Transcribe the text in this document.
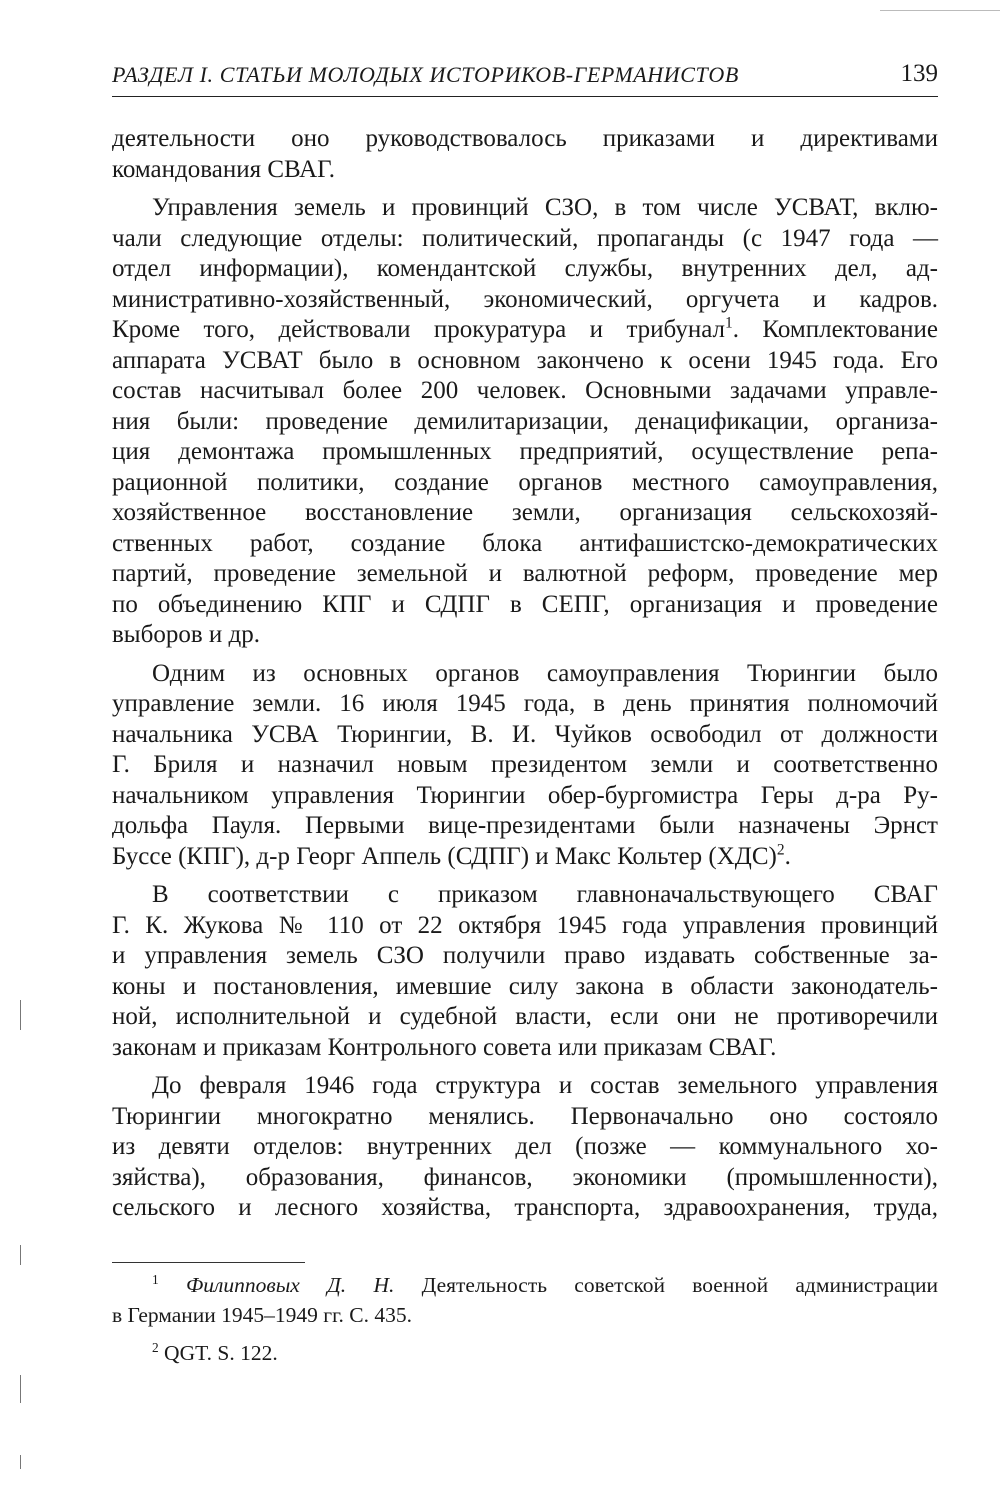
РАЗДЕЛ I. СТАТЬИ МОЛОДЫХ ИСТОРИКОВ-ГЕРМАНИСТОВ	139
деятельности оно руководствовалось приказами и директивами
командования СВАГ.
Управления земель и провинций СЗО, в том числе УСВАТ, вклю-
чали следующие отделы: политический, пропаганды (с 1947 года —
отдел информации), комендантской службы, внутренних дел, ад-
министративно-хозяйственный, экономический, оргучета и кадров.
Кроме того, действовали прокуратура и трибунал$^1$. Комплектование
аппарата УСВАТ было в основном закончено к осени 1945 года. Его
состав насчитывал более 200 человек. Основными задачами управле-
ния были: проведение демилитаризации, денацификации, организа-
ция демонтажа промышленных предприятий, осуществление репа-
рационной политики, создание органов местного самоуправления,
хозяйственное восстановление земли, организация сельскохозяй-
ственных работ, создание блока антифашистско-демократических
партий, проведение земельной и валютной реформ, проведение мер
по объединению КПГ и СДПГ в СЕПГ, организация и проведение
выборов и др.
Одним из основных органов самоуправления Тюрингии было
управление земли. 16 июля 1945 года, в день принятия полномочий
начальника УСВА Тюрингии, В. И. Чуйков освободил от должности
Г. Бриля и назначил новым президентом земли и соответственно
начальником управления Тюрингии обер-бургомистра Геры д-ра Ру-
дольфа Пауля. Первыми вице-президентами были назначены Эрнст
Буссе (КПГ), д-р Георг Аппель (СДПГ) и Макс Кольтер (ХДС)$^2$.
В соответствии с приказом главноначальствующего СВАГ
Г. К. Жукова № 110 от 22 октября 1945 года управления провинций
и управления земель СЗО получили право издавать собственные за-
коны и постановления, имевшие силу закона в области законодатель-
ной, исполнительной и судебной власти, если они не противоречили
законам и приказам Контрольного совета или приказам СВАГ.
До февраля 1946 года структура и состав земельного управления
Тюрингии многократно менялись. Первоначально оно состояло
из девяти отделов: внутренних дел (позже — коммунального хо-
зяйства), образования, финансов, экономики (промышленности),
сельского и лесного хозяйства, транспорта, здравоохранения, труда,
$^1$ Филипповых Д. Н. Деятельность советской военной администрации
в Германии 1945–1949 гг. С. 435.
$^2$ QGT. S. 122.
